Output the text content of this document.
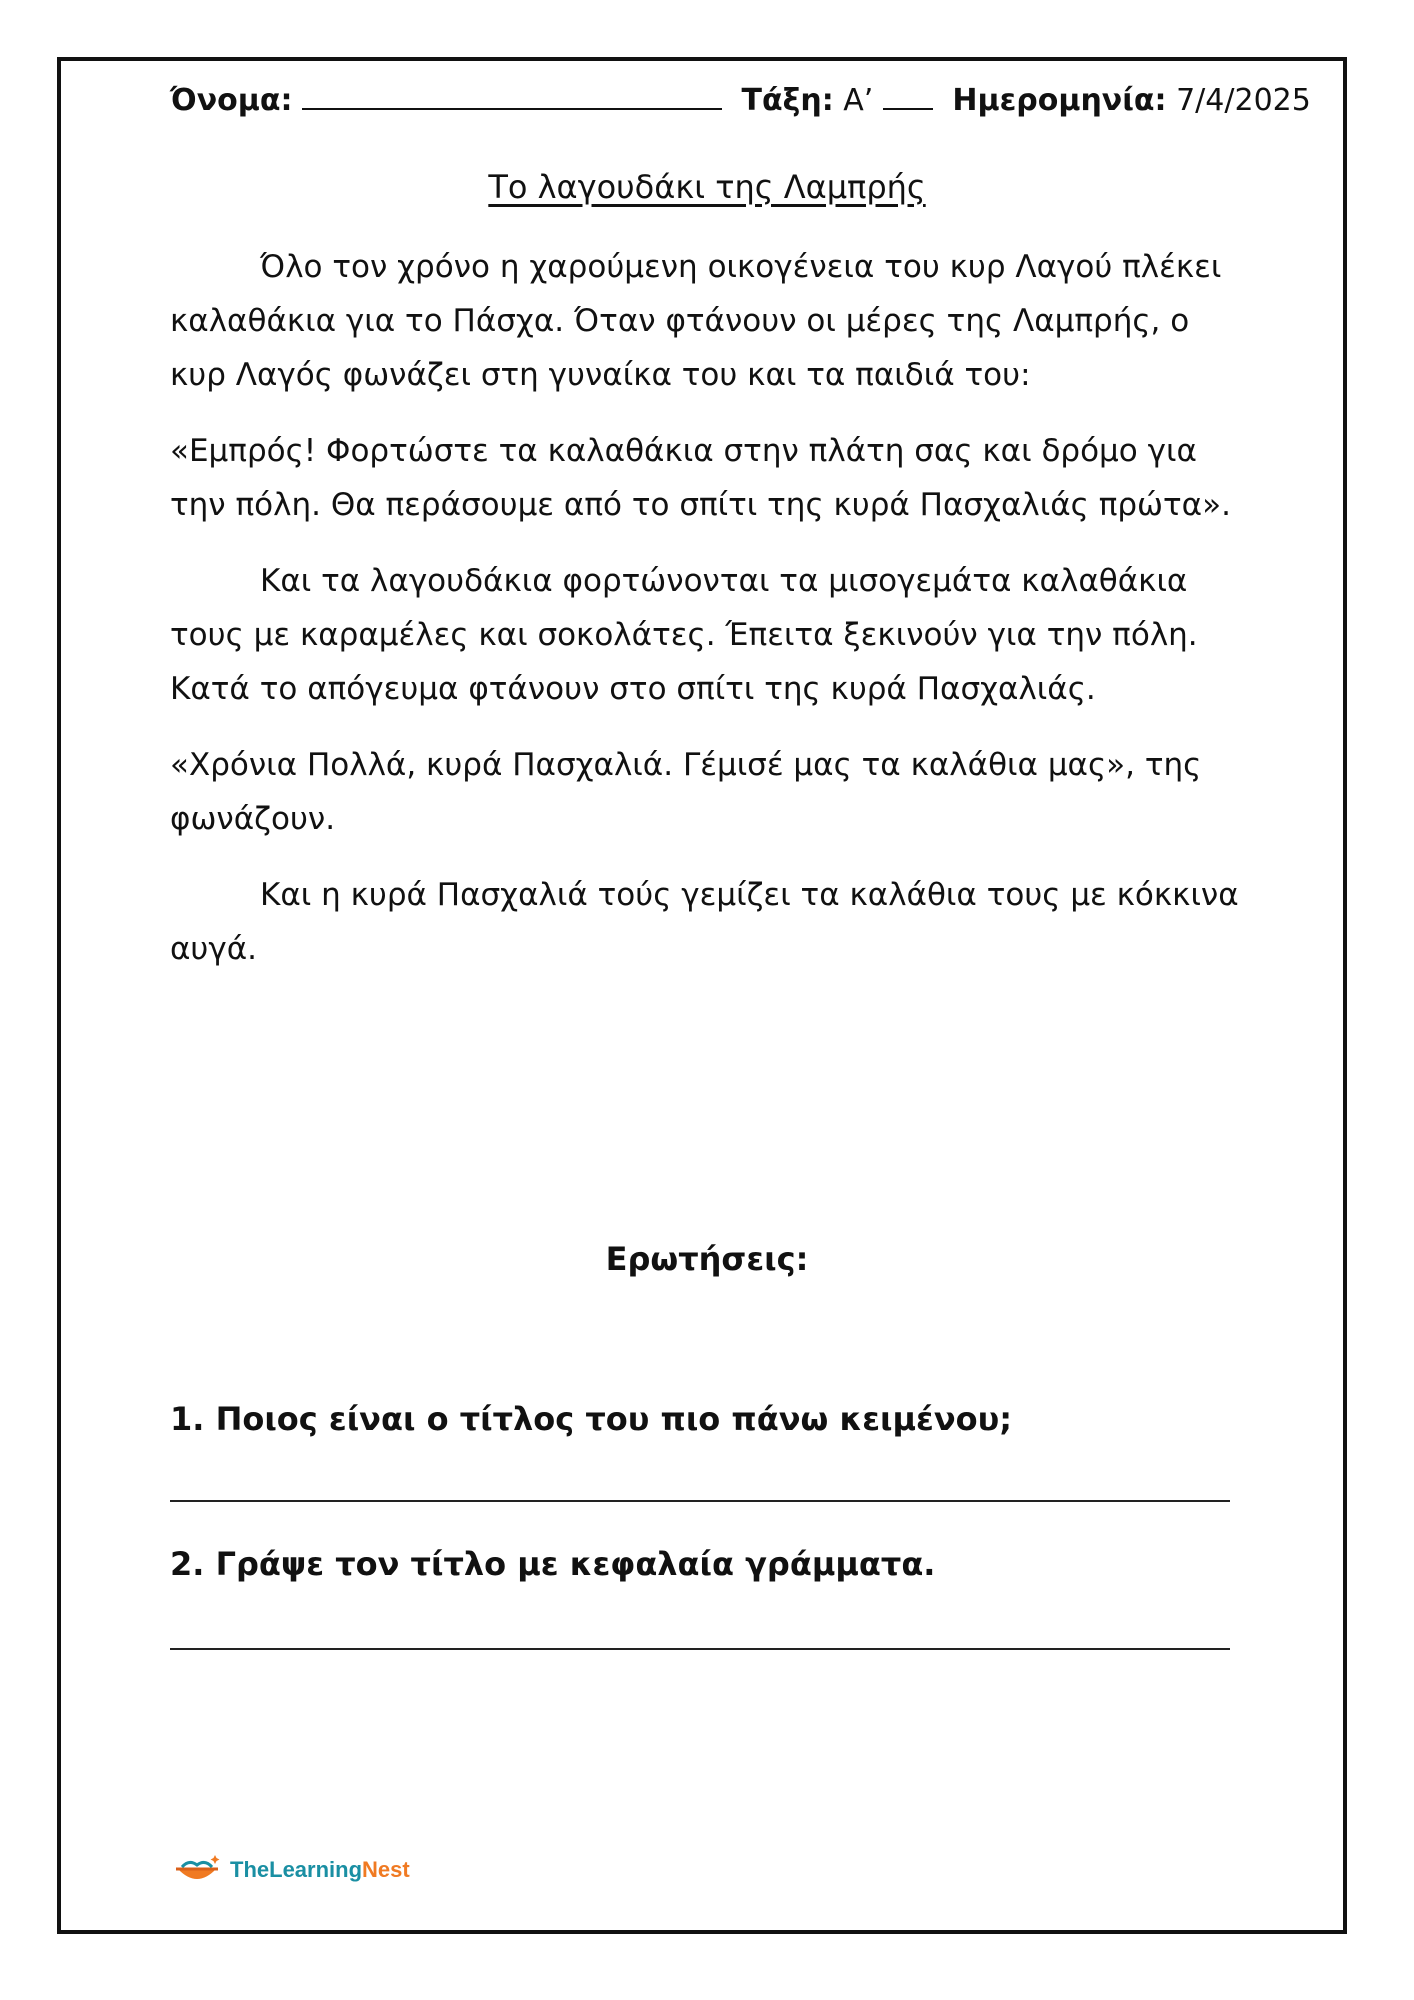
Όνομα:	Τάξη: Α’	Ημερομηνία: 7/4/2025
Το λαγουδάκι της Λαμπρής

Όλο τον χρόνο η χαρούμενη οικογένεια του κυρ Λαγού πλέκει καλαθάκια για το Πάσχα. Όταν φτάνουν οι μέρες της Λαμπρής, ο κυρ Λαγός φωνάζει στη γυναίκα του και τα παιδιά του:

«Εμπρός! Φορτώστε τα καλαθάκια στην πλάτη σας και δρόμο για την πόλη. Θα περάσουμε από το σπίτι της κυρά Πασχαλιάς πρώτα».

Και τα λαγουδάκια φορτώνονται τα μισογεμάτα καλαθάκια τους με καραμέλες και σοκολάτες. Έπειτα ξεκινούν για την πόλη. Κατά το απόγευμα φτάνουν στο σπίτι της κυρά Πασχαλιάς.

«Χρόνια Πολλά, κυρά Πασχαλιά. Γέμισέ μας τα καλάθια μας», της φωνάζουν.

Και η κυρά Πασχαλιά τούς γεμίζει τα καλάθια τους με κόκκινα αυγά.

Ερωτήσεις:
1. Ποιος είναι ο τίτλος του πιο πάνω κειμένου;
2. Γράψε τον τίτλο με κεφαλαία γράμματα.
TheLearningNest
